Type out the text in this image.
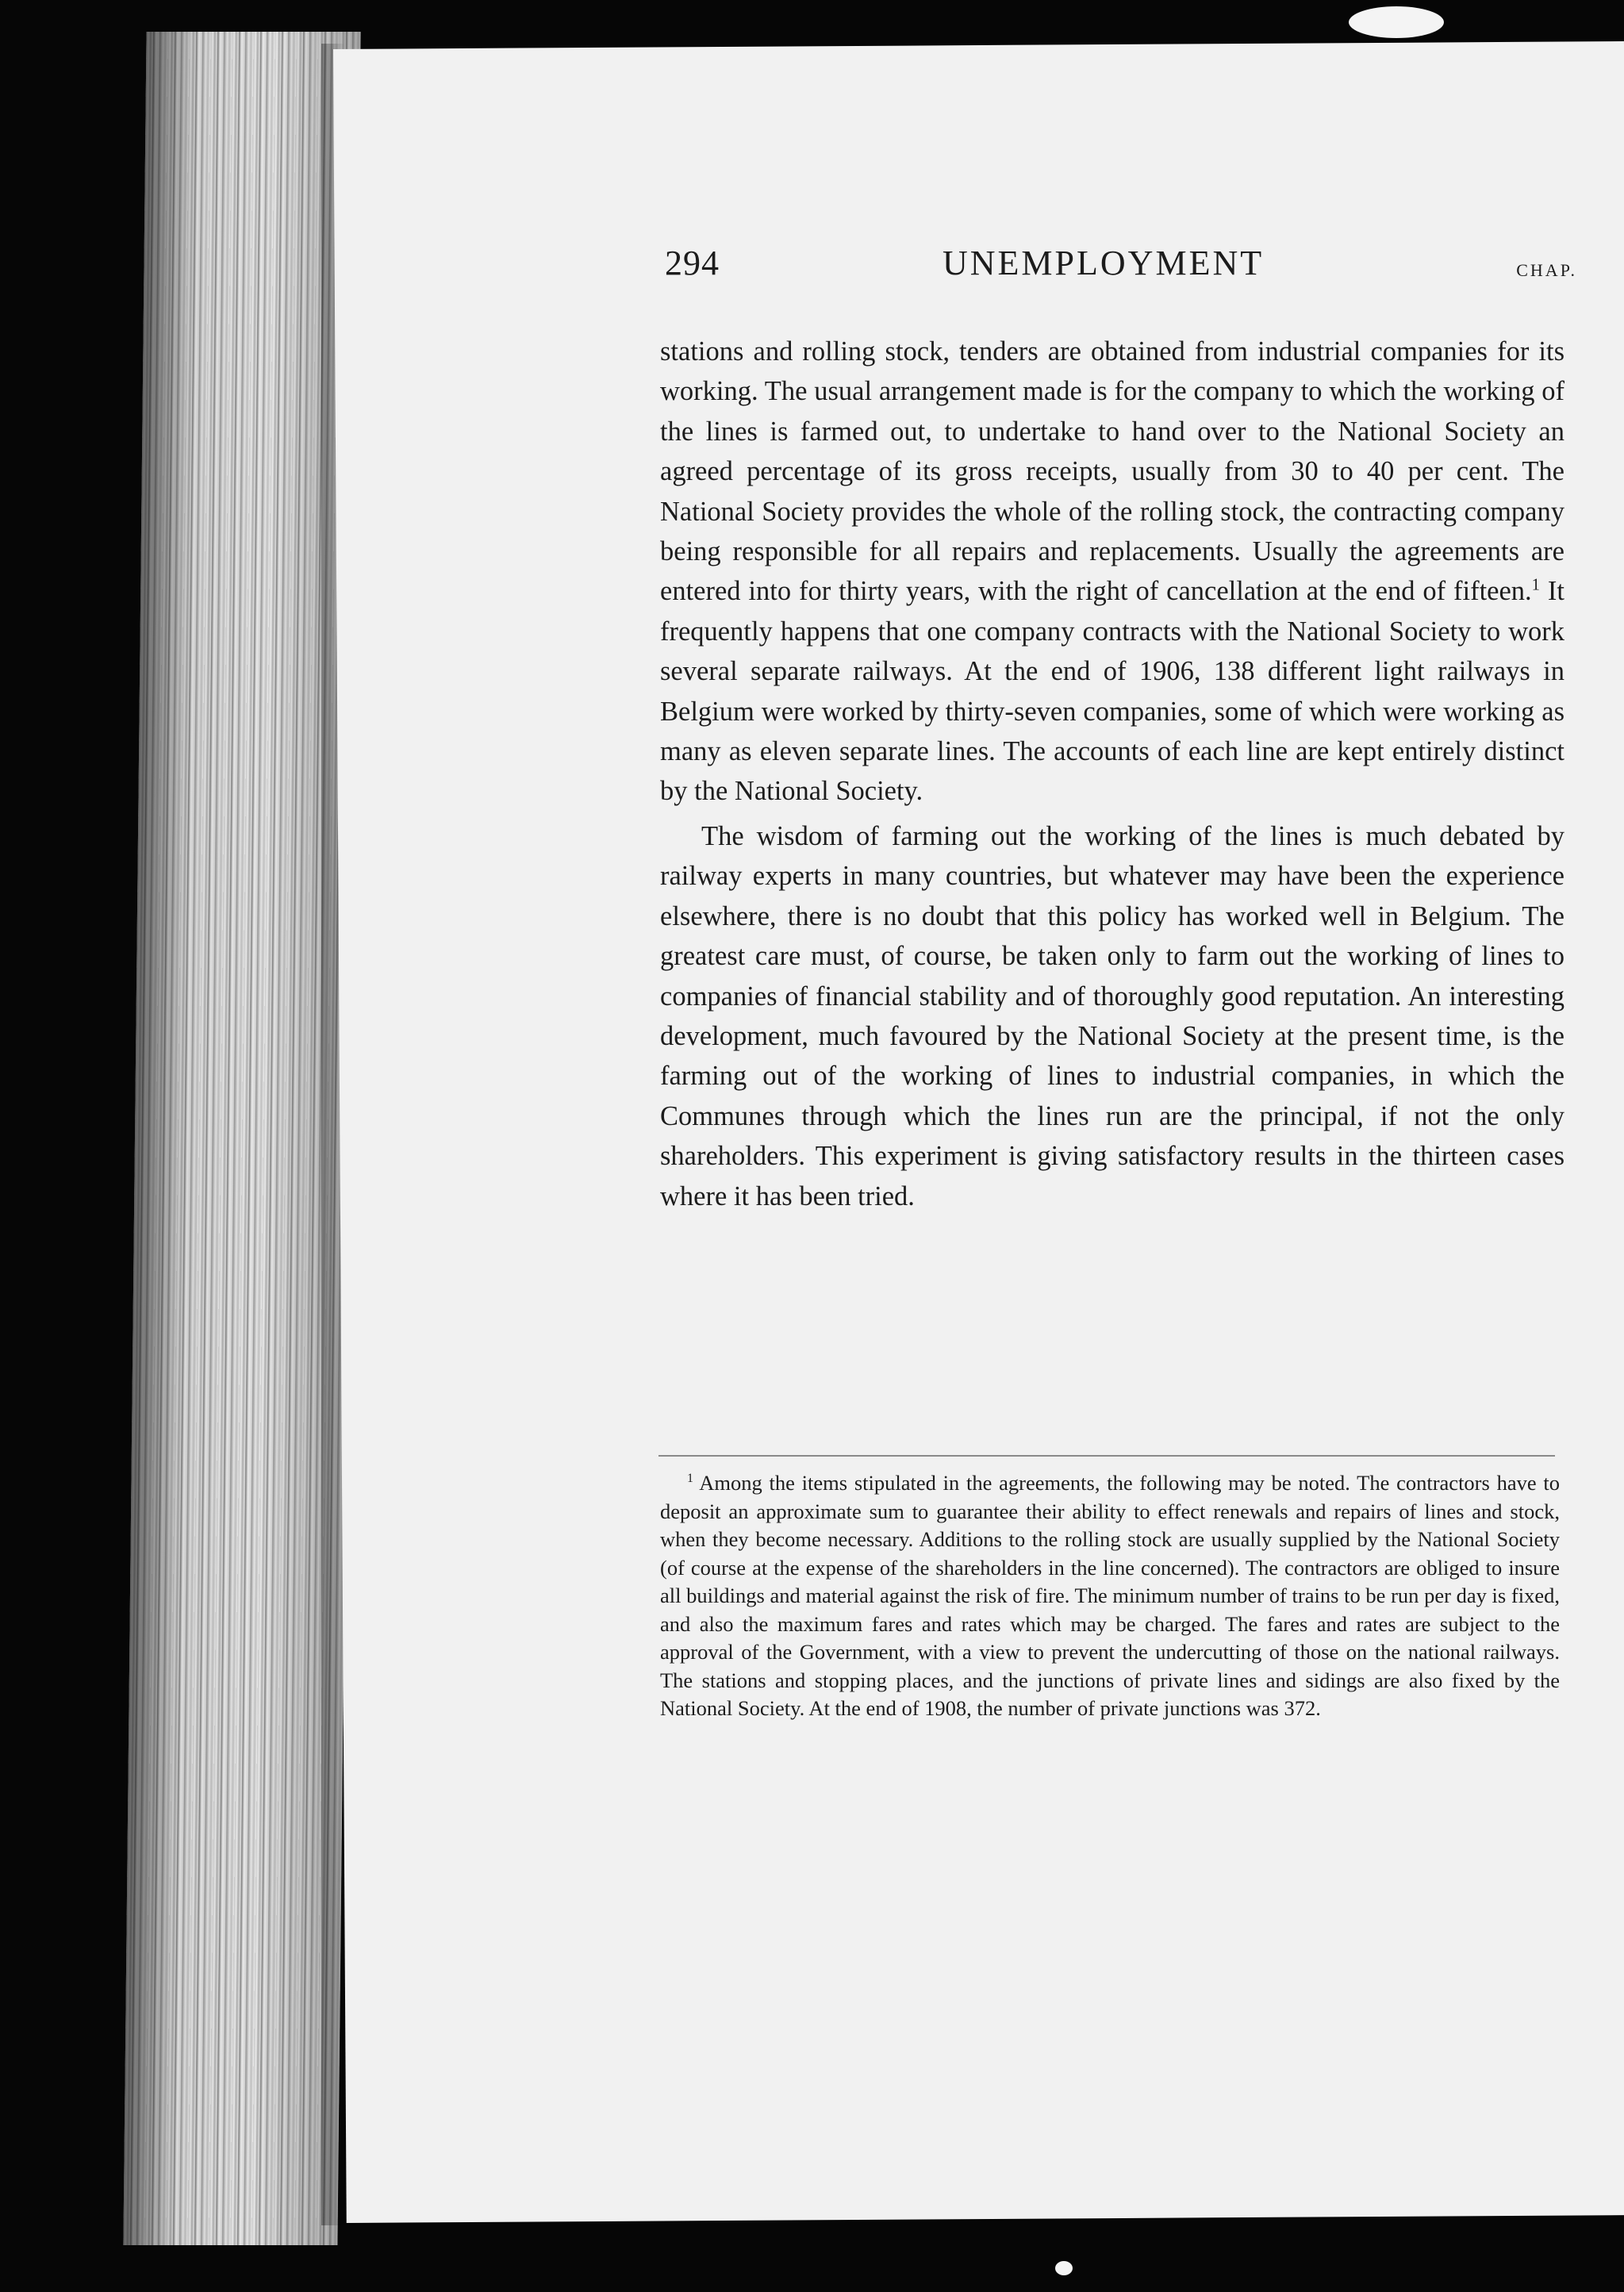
294	UNEMPLOYMENT	CHAP.

stations and rolling stock, tenders are obtained from industrial companies for its working. The usual arrangement made is for the company to which the working of the lines is farmed out, to undertake to hand over to the National Society an agreed percentage of its gross receipts, usually from 30 to 40 per cent. The National Society provides the whole of the rolling stock, the contracting company being responsible for all repairs and replacements. Usually the agreements are entered into for thirty years, with the right of cancellation at the end of fifteen.$^1$ It frequently happens that one company contracts with the National Society to work several separate railways. At the end of 1906, 138 different light railways in Belgium were worked by thirty-seven companies, some of which were working as many as eleven separate lines. The accounts of each line are kept entirely distinct by the National Society.

The wisdom of farming out the working of the lines is much debated by railway experts in many countries, but whatever may have been the experience elsewhere, there is no doubt that this policy has worked well in Belgium. The greatest care must, of course, be taken only to farm out the working of lines to companies of financial stability and of thoroughly good reputation. An interesting development, much favoured by the National Society at the present time, is the farming out of the working of lines to industrial companies, in which the Communes through which the lines run are the principal, if not the only shareholders. This experiment is giving satisfactory results in the thirteen cases where it has been tried.

$^1$ Among the items stipulated in the agreements, the following may be noted. The contractors have to deposit an approximate sum to guarantee their ability to effect renewals and repairs of lines and stock, when they become necessary. Additions to the rolling stock are usually supplied by the National Society (of course at the expense of the shareholders in the line concerned). The contractors are obliged to insure all buildings and material against the risk of fire. The minimum number of trains to be run per day is fixed, and also the maximum fares and rates which may be charged. The fares and rates are subject to the approval of the Government, with a view to prevent the undercutting of those on the national railways. The stations and stopping places, and the junctions of private lines and sidings are also fixed by the National Society. At the end of 1908, the number of private junctions was 372.
